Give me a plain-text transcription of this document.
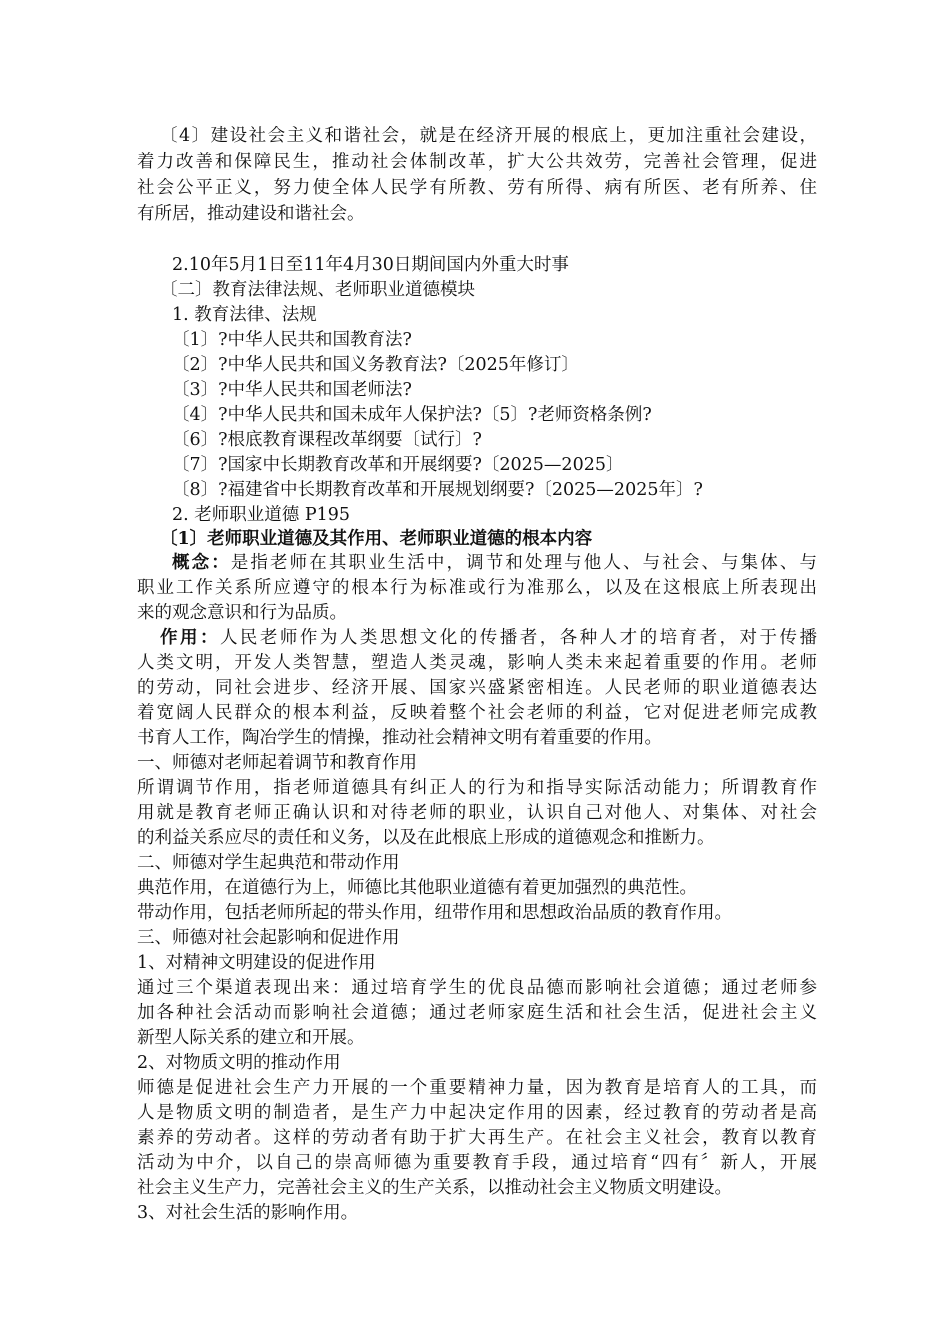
〔4〕建设社会主义和谐社会，就是在经济开展的根底上，更加注重社会建设，
着力改善和保障民生，推动社会体制改革，扩大公共效劳，完善社会管理，促进
社会公平正义，努力使全体人民学有所教、劳有所得、病有所医、老有所养、住
有所居，推动建设和谐社会。
2.10年5月1日至11年4月30日期间国内外重大时事
〔二〕教育法律法规、老师职业道德模块
1. 教育法律、法规
〔1〕?中华人民共和国教育法?
〔2〕?中华人民共和国义务教育法?〔2025年修订〕
〔3〕?中华人民共和国老师法?
〔4〕?中华人民共和国未成年人保护法?〔5〕?老师资格条例?
〔6〕?根底教育课程改革纲要〔试行〕?
〔7〕?国家中长期教育改革和开展纲要?〔2025—2025〕
〔8〕?福建省中长期教育改革和开展规划纲要?〔2025—2025年〕?
2. 老师职业道德 P195
〔1〕老师职业道德及其作用、老师职业道德的根本内容
概念：是指老师在其职业生活中，调节和处理与他人、与社会、与集体、与
职业工作关系所应遵守的根本行为标准或行为准那么，以及在这根底上所表现出
来的观念意识和行为品质。
作用：人民老师作为人类思想文化的传播者，各种人才的培育者，对于传播
人类文明，开发人类智慧，塑造人类灵魂，影响人类未来起着重要的作用。老师
的劳动，同社会进步、经济开展、国家兴盛紧密相连。人民老师的职业道德表达
着宽阔人民群众的根本利益，反映着整个社会老师的利益，它对促进老师完成教
书育人工作，陶冶学生的情操，推动社会精神文明有着重要的作用。
一、师德对老师起着调节和教育作用
所谓调节作用，指老师道德具有纠正人的行为和指导实际活动能力；所谓教育作
用就是教育老师正确认识和对待老师的职业，认识自己对他人、对集体、对社会
的利益关系应尽的责任和义务，以及在此根底上形成的道德观念和推断力。
二、师德对学生起典范和带动作用
典范作用，在道德行为上，师德比其他职业道德有着更加强烈的典范性。
带动作用，包括老师所起的带头作用，纽带作用和思想政治品质的教育作用。
三、师德对社会起影响和促进作用
1、对精神文明建设的促进作用
通过三个渠道表现出来：通过培育学生的优良品德而影响社会道德；通过老师参
加各种社会活动而影响社会道德；通过老师家庭生活和社会生活，促进社会主义
新型人际关系的建立和开展。
2、对物质文明的推动作用
师德是促进社会生产力开展的一个重要精神力量，因为教育是培育人的工具，而
人是物质文明的制造者，是生产力中起决定作用的因素，经过教育的劳动者是高
素养的劳动者。这样的劳动者有助于扩大再生产。在社会主义社会，教育以教育
活动为中介，以自己的崇高师德为重要教育手段，通过培育“四有〞新人，开展
社会主义生产力，完善社会主义的生产关系，以推动社会主义物质文明建设。
3、对社会生活的影响作用。
